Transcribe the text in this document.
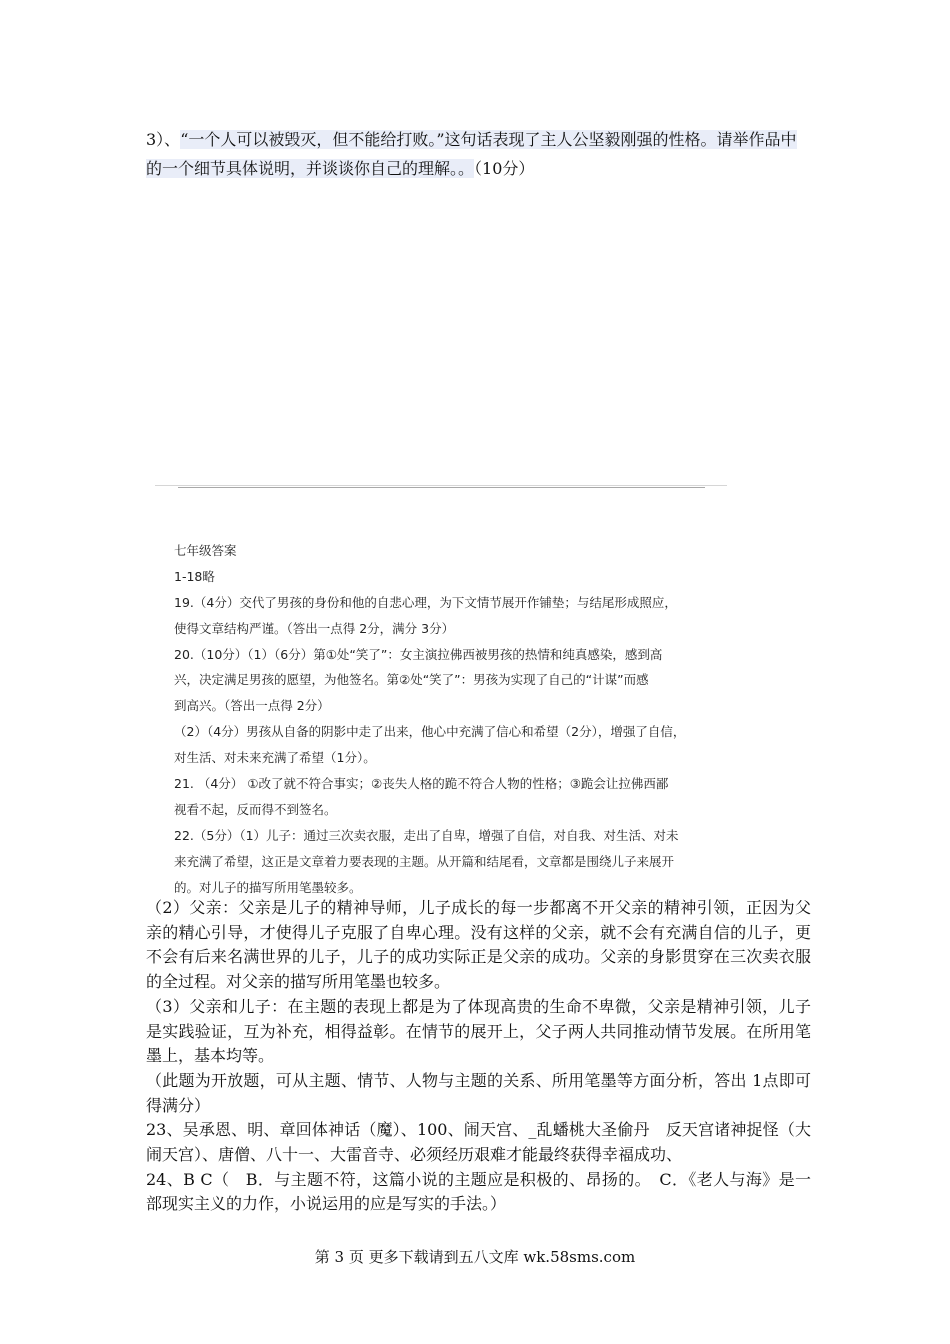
3）、“一个人可以被毁灭，但不能给打败。”这句话表现了主人公坚毅刚强的性格。请举作品中的一个细节具体说明，并谈谈你自己的理解。。（10分）
七年级答案
1-18略
19.（4分）交代了男孩的身份和他的自悲心理，为下文情节展开作铺垫；与结尾形成照应，
使得文章结构严谨。（答出一点得 2分，满分 3分）
20.（10分）（1）（6分）第①处“笑了”：女主演拉佛西被男孩的热情和纯真感染，感到高
兴，决定满足男孩的愿望，为他签名。第②处“笑了”：男孩为实现了自己的“计谋”而感
到高兴。（答出一点得 2分）
（2）（4分）男孩从自备的阴影中走了出来，他心中充满了信心和希望（2分），增强了自信，
对生活、对未来充满了希望（1分）。
21. （4分） ①改了就不符合事实；②丧失人格的跪不符合人物的性格；③跪会让拉佛西鄙
视看不起，反而得不到签名。
22.（5分）（1）儿子：通过三次卖衣服，走出了自卑，增强了自信，对自我、对生活、对未
来充满了希望，这正是文章着力要表现的主题。从开篇和结尾看，文章都是围绕儿子来展开
的。对儿子的描写所用笔墨较多。

（2）父亲：父亲是儿子的精神导师，儿子成长的每一步都离不开父亲的精神引领，正因为父亲的精心引导，才使得儿子克服了自卑心理。没有这样的父亲，就不会有充满自信的儿子，更不会有后来名满世界的儿子，儿子的成功实际正是父亲的成功。父亲的身影贯穿在三次卖衣服的全过程。对父亲的描写所用笔墨也较多。

（3）父亲和儿子：在主题的表现上都是为了体现高贵的生命不卑微，父亲是精神引领，儿子是实践验证，互为补充，相得益彰。在情节的展开上，父子两人共同推动情节发展。在所用笔墨上，基本均等。

（此题为开放题，可从主题、情节、人物与主题的关系、所用笔墨等方面分析，答出 1点即可得满分）

23、吴承恩、明、章回体神话（魔）、100、闹天宫、_乱蟠桃大圣偷丹　反天宫诸神捉怪（大闹天宫）、唐僧、八十一、大雷音寺、必须经历艰难才能最终获得幸福成功、

24、B C（　B．与主题不符，这篇小说的主题应是积极的、昂扬的。　C．《老人与海》是一部现实主义的力作，小说运用的应是写实的手法。）

第 3 页 更多下载请到五八文库 wk.58sms.com
